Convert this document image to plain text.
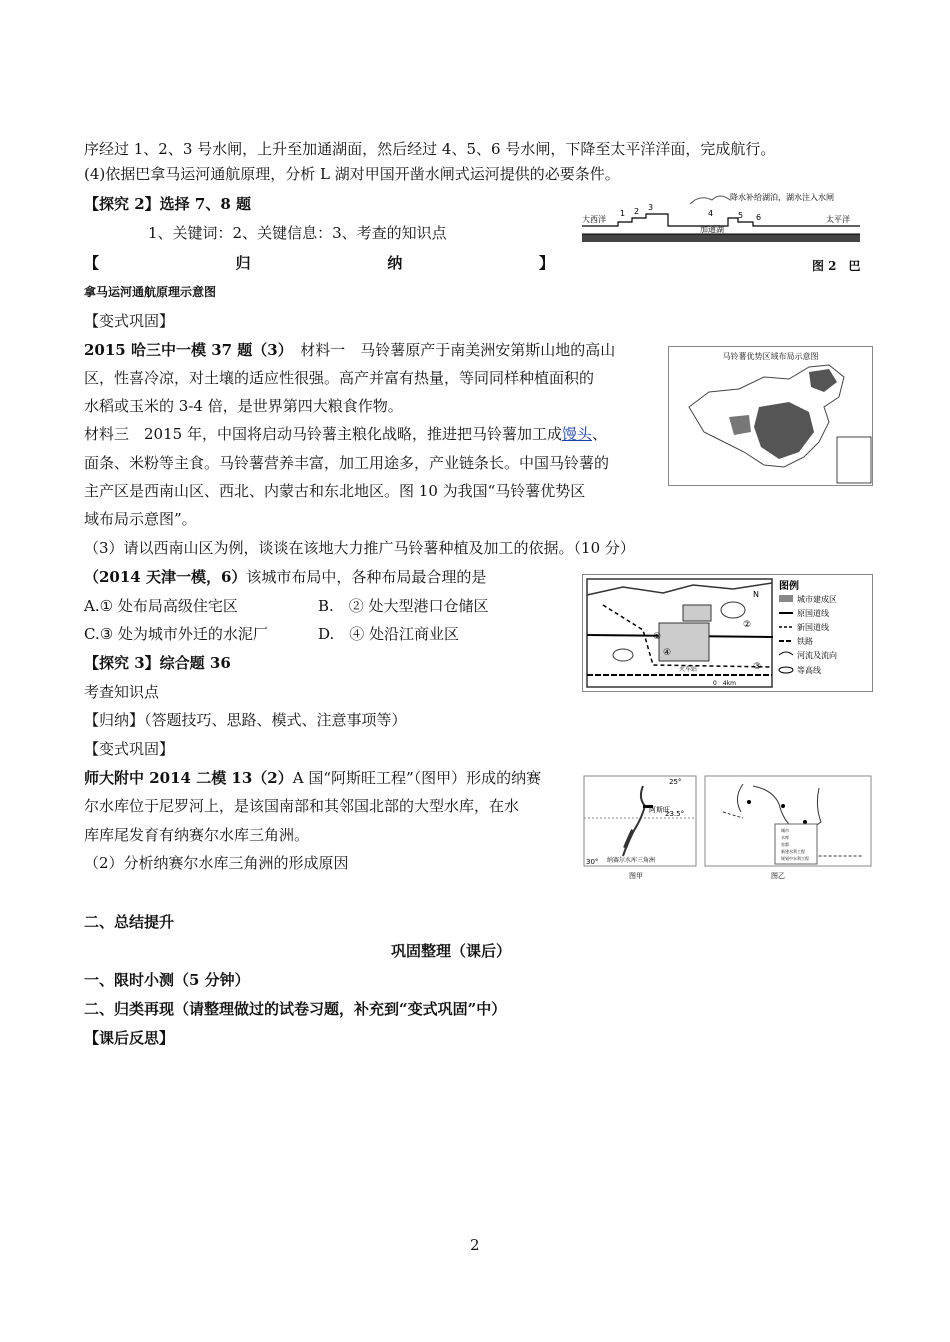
序经过 1、2、3 号水闸，上升至加通湖面，然后经过 4、5、6 号水闸，下降至太平洋洋面，完成航行。
(4)依据巴拿马运河通航原理，分析 L 湖对甲国开凿水闸式运河提供的必要条件。
【探究 2】选择 7、8 题
1、关键词：2、关键信息：3、考查的知识点
【	归	纳	】	图 2　巴
拿马运河通航原理示意图
降水补给湖泊，湖水注入水闸
大西洋	太平洋
加通湖
1 2 3
4	5 6
【变式巩固】
2015 哈三中一模 37 题（3）　材料一　马铃薯原产于南美洲安第斯山地的高山
区，性喜冷凉，对土壤的适应性很强。高产并富有热量，等同同样种植面积的
水稻或玉米的 3-4 倍，是世界第四大粮食作物。
材料三　2015 年，中国将启动马铃薯主粮化战略，推进把马铃薯加工成馒头、
面条、米粉等主食。马铃薯营养丰富，加工用途多，产业链条长。中国马铃薯的
主产区是西南山区、西北、内蒙古和东北地区。图 10 为我国“马铃薯优势区
域布局示意图”。
（3）请以西南山区为例，谈谈在该地大力推广马铃薯种植及加工的依据。（10 分）
马铃薯优势区域布局示意图
（2014 天津一模，6）该城市布局中，各种布局最合理的是
A.① 处布局高级住宅区	B.　② 处大型港口仓储区
C.③ 处为城市外迁的水泥厂	D.　④ 处沿江商业区	①
②
③
④
火车站
N
0　4km
图例
城市建成区
原国道线
新国道线
铁路
河流及流向
等高线
【探究 3】综合题 36
考查知识点
【归纳】（答题技巧、思路、模式、注意事项等）
【变式巩固】
师大附中 2014 二模 13（2）A 国“阿斯旺工程”（图甲）形成的纳赛
尔水库位于尼罗河上，是该国南部和其邻国北部的大型水库，在水
库库尾发育有纳赛尔水库三角洲。
（2）分析纳赛尔水库三角洲的形成原因
25°
23.5°
30°
阿斯旺
纳赛尔水库三角洲
图甲
城市
水库
首都
新建水利工程
规划中水利工程
图乙
二、总结提升
巩固整理（课后）
一、限时小测（5 分钟）
二、归类再现（请整理做过的试卷习题，补充到“变式巩固”中）
【课后反思】
2
